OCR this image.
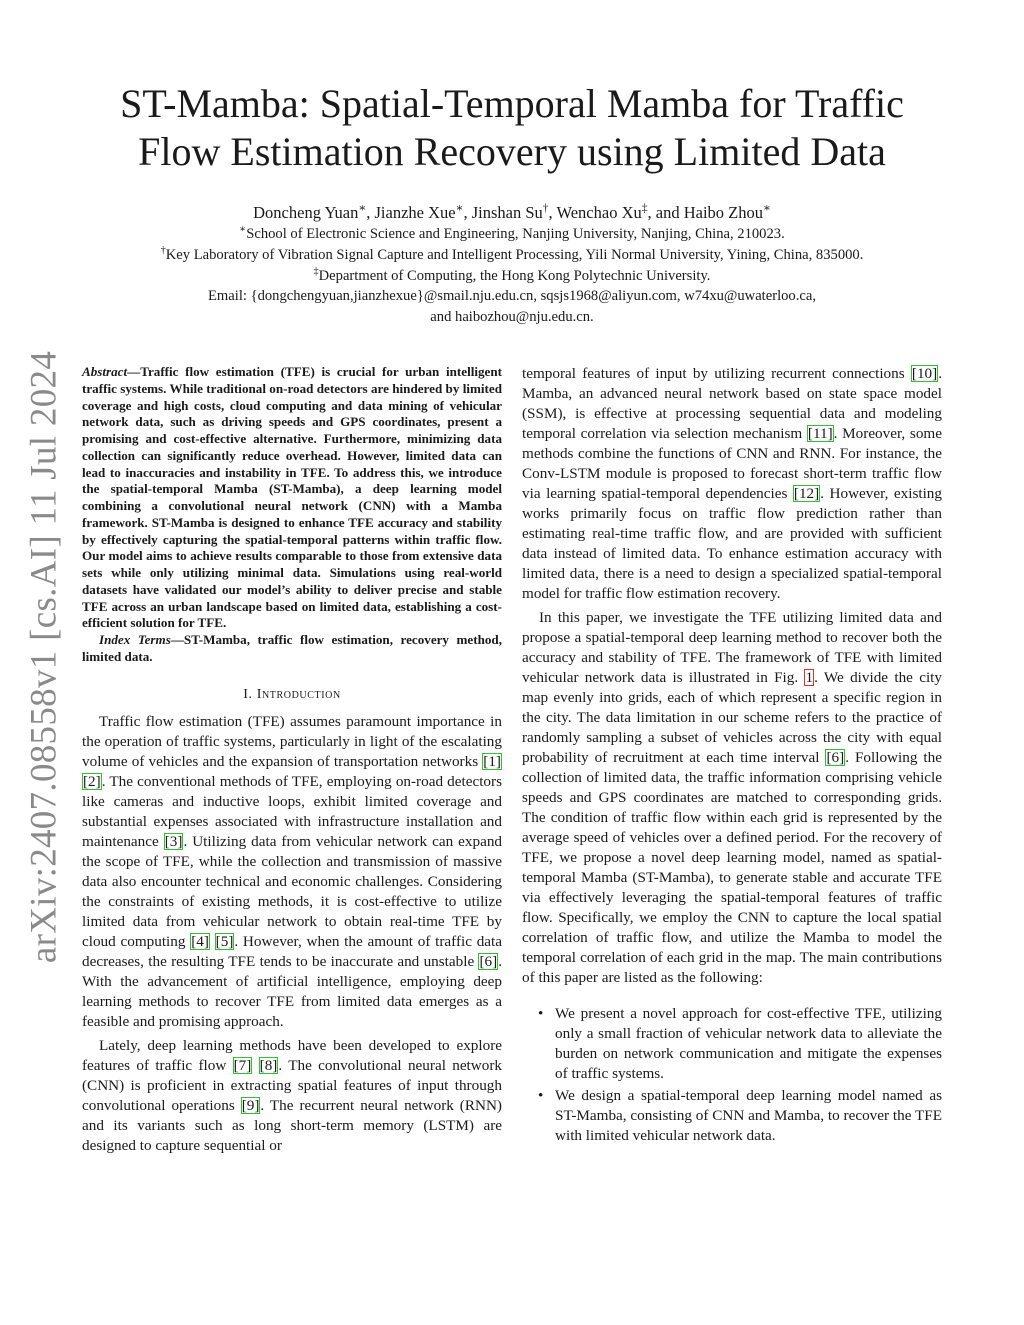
arXiv:2407.08558v1 [cs.AI] 11 Jul 2024
ST-Mamba: Spatial-Temporal Mamba for Traffic
Flow Estimation Recovery using Limited Data
Doncheng Yuan∗, Jianzhe Xue∗, Jinshan Su†, Wenchao Xu‡, and Haibo Zhou∗
∗School of Electronic Science and Engineering, Nanjing University, Nanjing, China, 210023.
†Key Laboratory of Vibration Signal Capture and Intelligent Processing, Yili Normal University, Yining, China, 835000.
‡Department of Computing, the Hong Kong Polytechnic University.
Email: {dongchengyuan,jianzhexue}@smail.nju.edu.cn, sqsjs1968@aliyun.com, w74xu@uwaterloo.ca,
and haibozhou@nju.edu.cn.

Abstract—Traffic flow estimation (TFE) is crucial for urban intelligent traffic systems. While traditional on-road detectors are hindered by limited coverage and high costs, cloud computing and data mining of vehicular network data, such as driving speeds and GPS coordinates, present a promising and cost-effective alternative. Furthermore, minimizing data collection can significantly reduce overhead. However, limited data can lead to inaccuracies and instability in TFE. To address this, we introduce the spatial-temporal Mamba (ST-Mamba), a deep learning model combining a convolutional neural network (CNN) with a Mamba framework. ST-Mamba is designed to enhance TFE accuracy and stability by effectively capturing the spatial-temporal patterns within traffic flow. Our model aims to achieve results comparable to those from extensive data sets while only utilizing minimal data. Simulations using real-world datasets have validated our model’s ability to deliver precise and stable TFE across an urban landscape based on limited data, establishing a cost-efficient solution for TFE.

Index Terms—ST-Mamba, traffic flow estimation, recovery method, limited data.

I. Introduction

Traffic flow estimation (TFE) assumes paramount importance in the operation of traffic systems, particularly in light of the escalating volume of vehicles and the expansion of transportation networks [1] [2]. The conventional methods of TFE, employing on-road detectors like cameras and inductive loops, exhibit limited coverage and substantial expenses associated with infrastructure installation and maintenance [3]. Utilizing data from vehicular network can expand the scope of TFE, while the collection and transmission of massive data also encounter technical and economic challenges. Considering the constraints of existing methods, it is cost-effective to utilize limited data from vehicular network to obtain real-time TFE by cloud computing [4] [5]. However, when the amount of traffic data decreases, the resulting TFE tends to be inaccurate and unstable [6]. With the advancement of artificial intelligence, employing deep learning methods to recover TFE from limited data emerges as a feasible and promising approach.

Lately, deep learning methods have been developed to explore features of traffic flow [7] [8]. The convolutional neural network (CNN) is proficient in extracting spatial features of input through convolutional operations [9]. The recurrent neural network (RNN) and its variants such as long short-term memory (LSTM) are designed to capture sequential or

temporal features of input by utilizing recurrent connections [10]. Mamba, an advanced neural network based on state space model (SSM), is effective at processing sequential data and modeling temporal correlation via selection mechanism [11]. Moreover, some methods combine the functions of CNN and RNN. For instance, the Conv-LSTM module is proposed to forecast short-term traffic flow via learning spatial-temporal dependencies [12]. However, existing works primarily focus on traffic flow prediction rather than estimating real-time traffic flow, and are provided with sufficient data instead of limited data. To enhance estimation accuracy with limited data, there is a need to design a specialized spatial-temporal model for traffic flow estimation recovery.

In this paper, we investigate the TFE utilizing limited data and propose a spatial-temporal deep learning method to recover both the accuracy and stability of TFE. The framework of TFE with limited vehicular network data is illustrated in Fig. 1. We divide the city map evenly into grids, each of which represent a specific region in the city. The data limitation in our scheme refers to the practice of randomly sampling a subset of vehicles across the city with equal probability of recruitment at each time interval [6]. Following the collection of limited data, the traffic information comprising vehicle speeds and GPS coordinates are matched to corresponding grids. The condition of traffic flow within each grid is represented by the average speed of vehicles over a defined period. For the recovery of TFE, we propose a novel deep learning model, named as spatial-temporal Mamba (ST-Mamba), to generate stable and accurate TFE via effectively leveraging the spatial-temporal features of traffic flow. Specifically, we employ the CNN to capture the local spatial correlation of traffic flow, and utilize the Mamba to model the temporal correlation of each grid in the map. The main contributions of this paper are listed as the following:

• We present a novel approach for cost-effective TFE, utilizing only a small fraction of vehicular network data to alleviate the burden on network communication and mitigate the expenses of traffic systems.
• We design a spatial-temporal deep learning model named as ST-Mamba, consisting of CNN and Mamba, to recover the TFE with limited vehicular network data.
